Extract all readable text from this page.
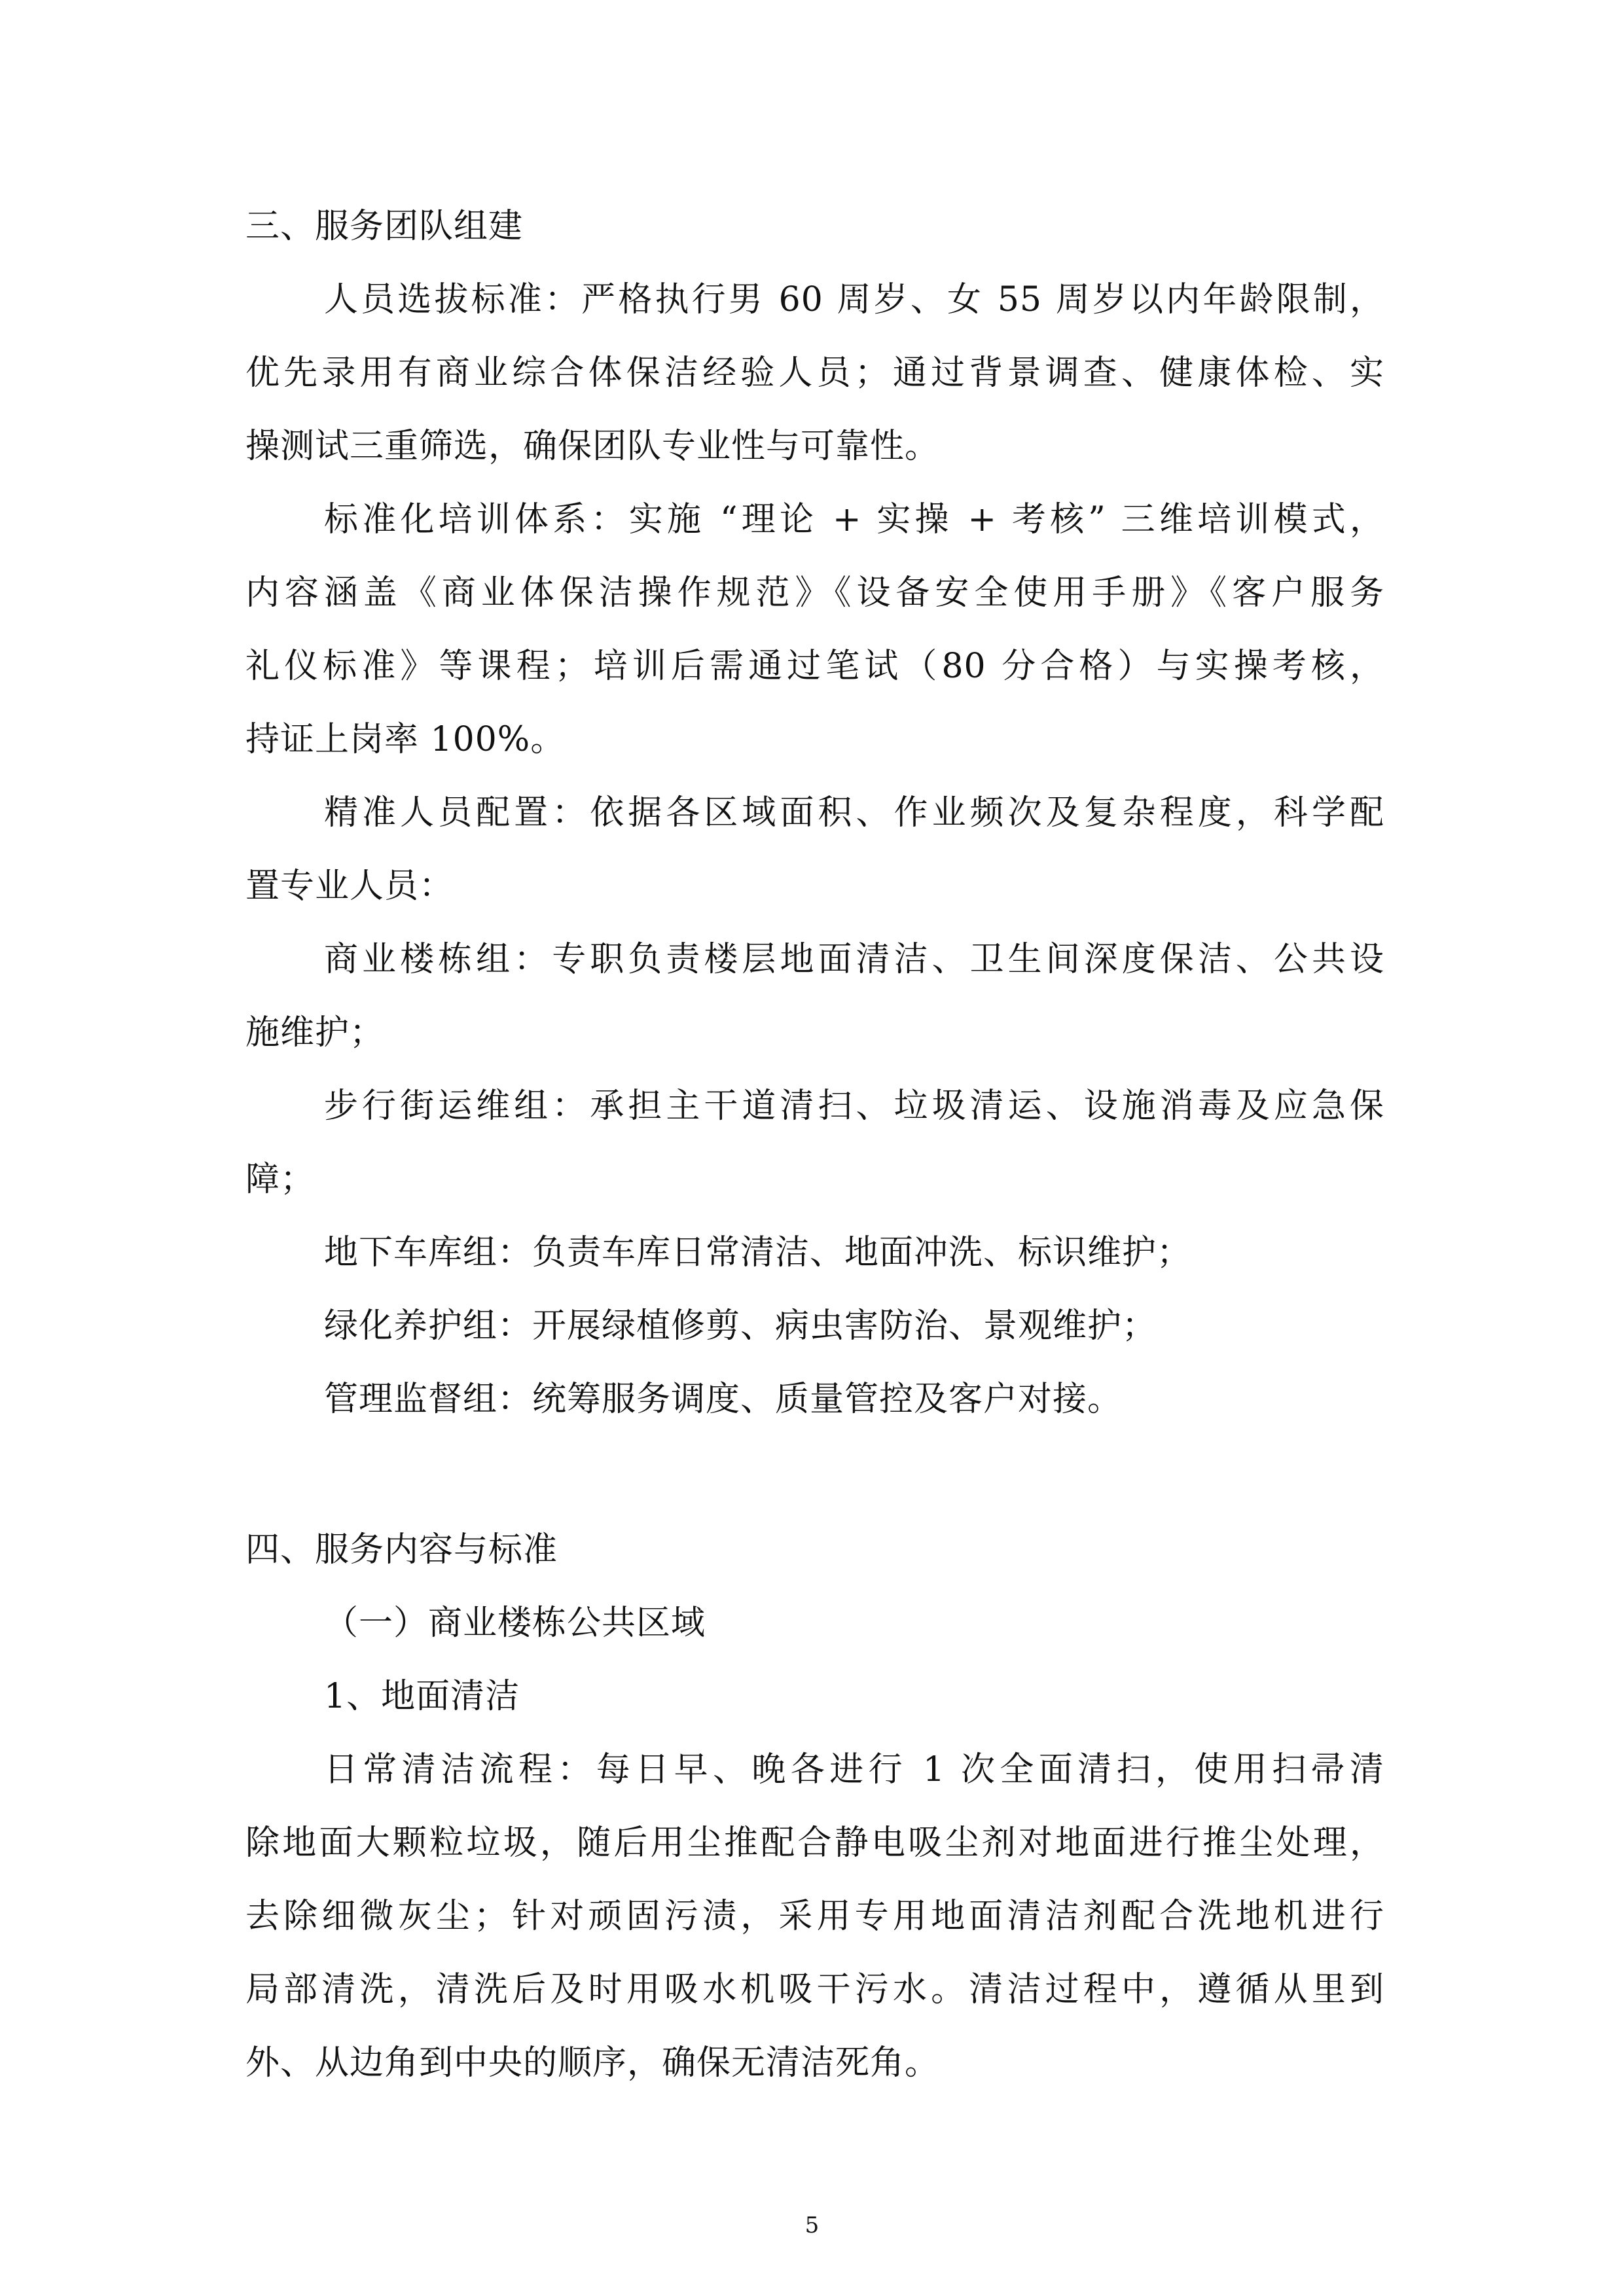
三、服务团队组建
人员选拔标准：严格执行男 60 周岁、女 55 周岁以内年龄限制，
优先录用有商业综合体保洁经验人员；通过背景调查、健康体检、实
操测试三重筛选，确保团队专业性与可靠性。
标准化培训体系：实施 “理论 + 实操 + 考核” 三维培训模式，
内容涵盖《商业体保洁操作规范》《设备安全使用手册》《客户服务
礼仪标准》等课程；培训后需通过笔试（80 分合格）与实操考核，
持证上岗率 100%。
精准人员配置：依据各区域面积、作业频次及复杂程度，科学配
置专业人员：
商业楼栋组：专职负责楼层地面清洁、卫生间深度保洁、公共设
施维护；
步行街运维组：承担主干道清扫、垃圾清运、设施消毒及应急保
障；
地下车库组：负责车库日常清洁、地面冲洗、标识维护；
绿化养护组：开展绿植修剪、病虫害防治、景观维护；
管理监督组：统筹服务调度、质量管控及客户对接。
四、服务内容与标准
（一）商业楼栋公共区域
1、地面清洁
日常清洁流程：每日早、晚各进行 1 次全面清扫，使用扫帚清
除地面大颗粒垃圾，随后用尘推配合静电吸尘剂对地面进行推尘处理，
去除细微灰尘；针对顽固污渍，采用专用地面清洁剂配合洗地机进行
局部清洗，清洗后及时用吸水机吸干污水。清洁过程中，遵循从里到
外、从边角到中央的顺序，确保无清洁死角。
5
